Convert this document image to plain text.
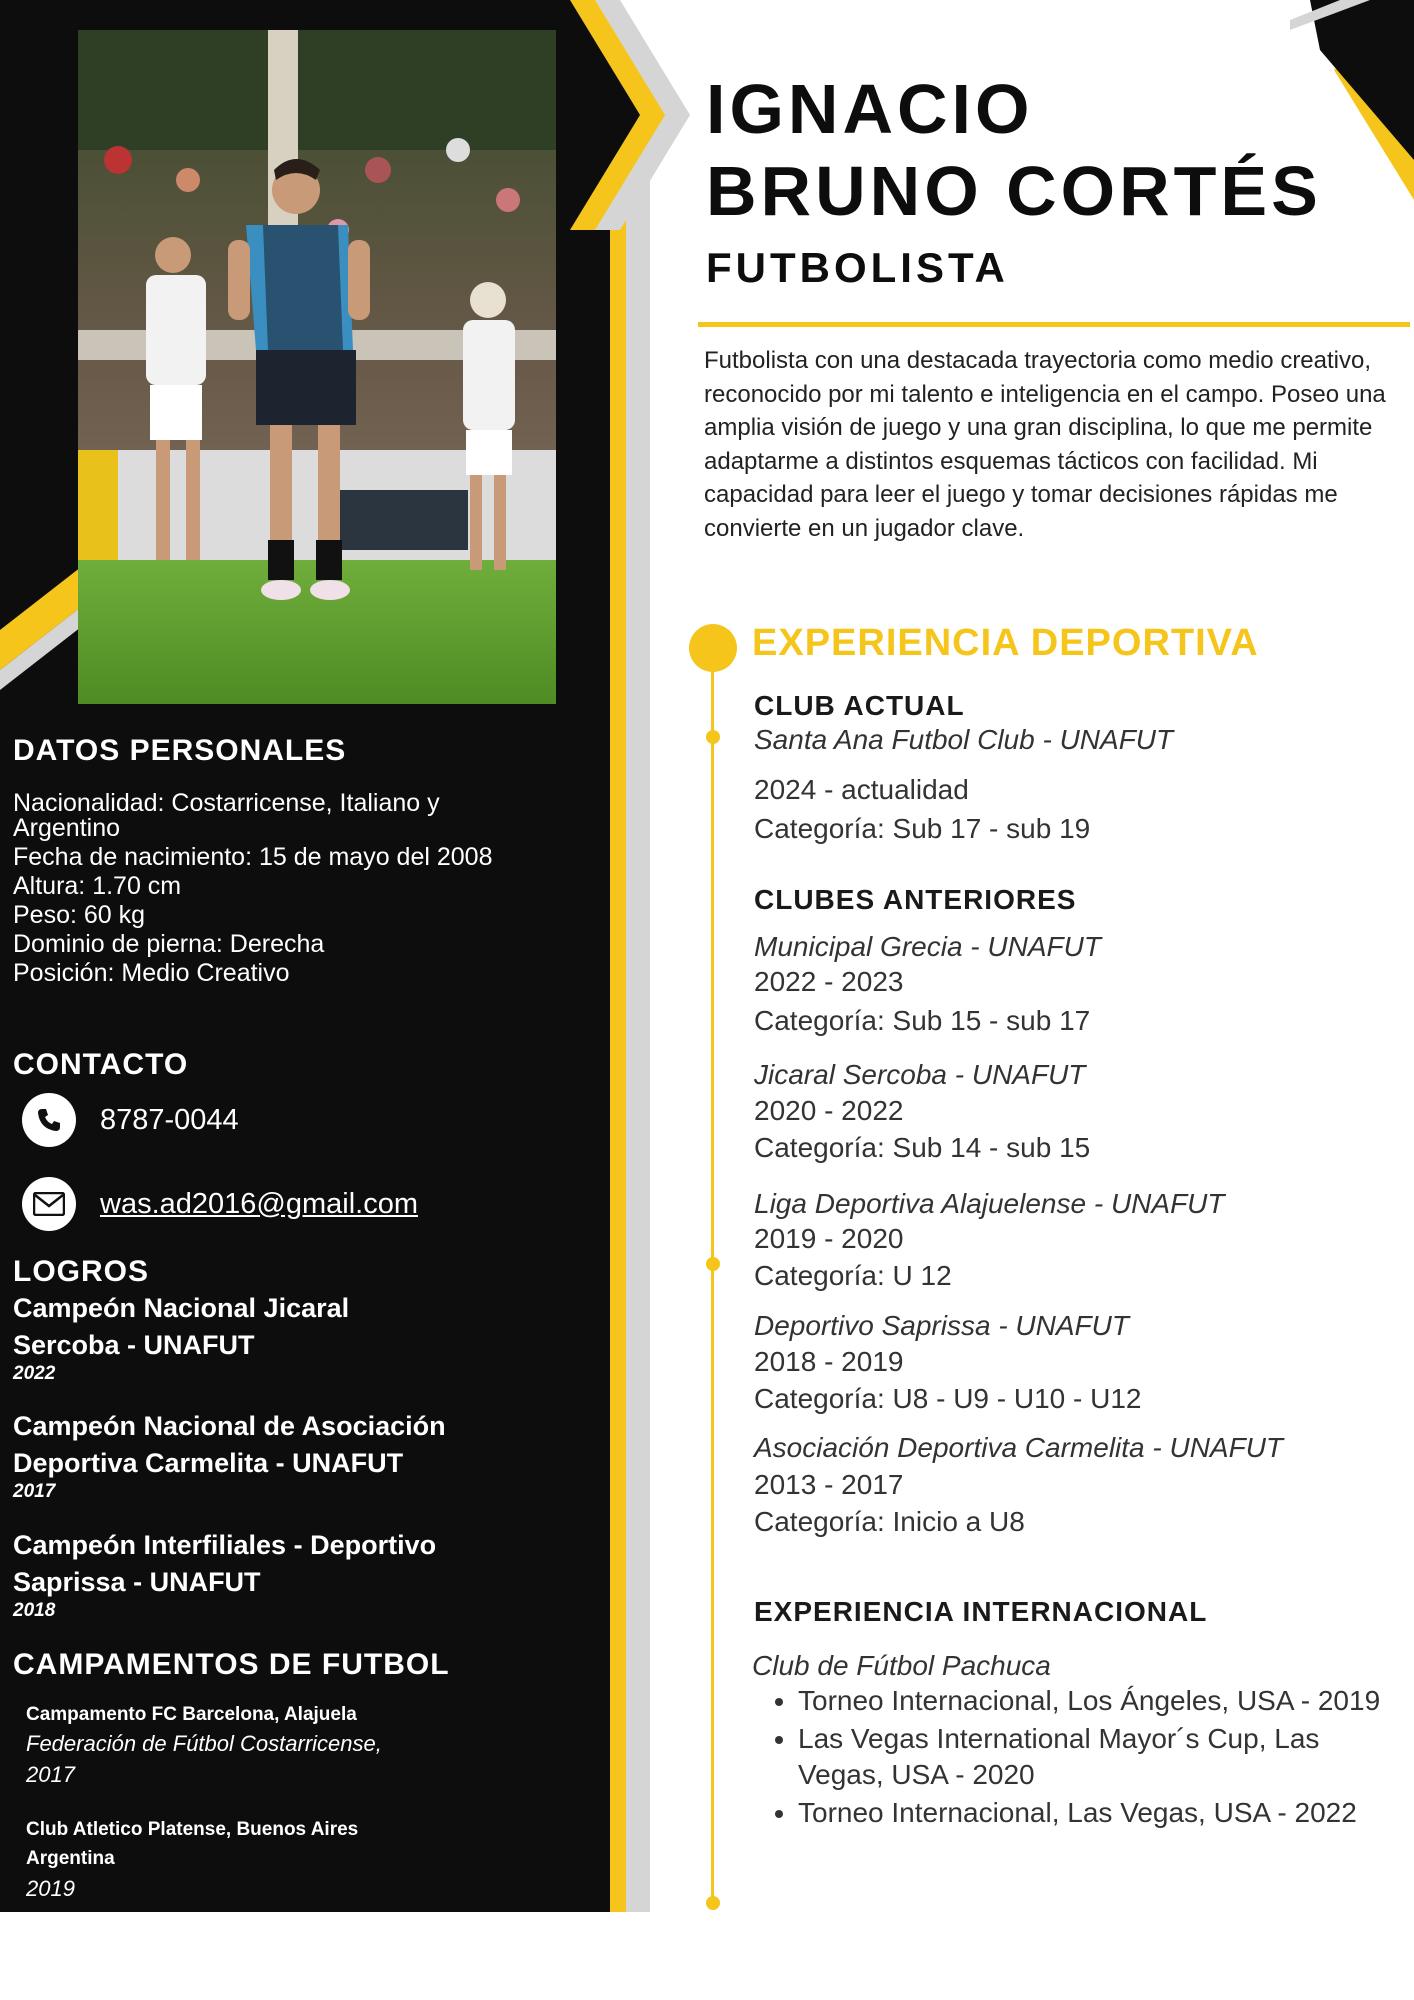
DATOS PERSONALES
Nacionalidad: Costarricense, Italiano y
Argentino
Fecha de nacimiento: 15 de mayo del 2008
Altura: 1.70 cm
Peso: 60 kg
Dominio de pierna: Derecha
Posición: Medio Creativo
CONTACTO
8787-0044
was.ad2016@gmail.com
LOGROS
Campeón Nacional Jicaral
Sercoba - UNAFUT
2022
Campeón Nacional de Asociación
Deportiva Carmelita - UNAFUT
2017
Campeón Interfiliales - Deportivo
Saprissa - UNAFUT
2018
CAMPAMENTOS DE FUTBOL
Campamento FC Barcelona, Alajuela
Federación de Fútbol Costarricense,
2017
Club Atletico Platense, Buenos Aires
Argentina
2019
IGNACIO
BRUNO CORTÉS
FUTBOLISTA

Futbolista con una destacada trayectoria como medio creativo, reconocido por mi talento e inteligencia en el campo. Poseo una amplia visión de juego y una gran disciplina, lo que me permite adaptarme a distintos esquemas tácticos con facilidad. Mi capacidad para leer el juego y tomar decisiones rápidas me convierte en un jugador clave.

EXPERIENCIA DEPORTIVA
CLUB ACTUAL
Santa Ana Futbol Club - UNAFUT
2024 - actualidad
Categoría: Sub 17 - sub 19
CLUBES ANTERIORES
Municipal Grecia - UNAFUT
2022 - 2023
Categoría: Sub 15 - sub 17
Jicaral Sercoba - UNAFUT
2020 - 2022
Categoría: Sub 14 - sub 15
Liga Deportiva Alajuelense - UNAFUT
2019 - 2020
Categoría: U 12
Deportivo Saprissa - UNAFUT
2018 - 2019
Categoría: U8 - U9 - U10 - U12
Asociación Deportiva Carmelita - UNAFUT
2013 - 2017
Categoría: Inicio a U8
EXPERIENCIA INTERNACIONAL
Club de Fútbol Pachuca
• Torneo Internacional, Los Ángeles, USA - 2019
• Las Vegas International Mayor´s Cup, Las Vegas, USA - 2020
• Torneo Internacional, Las Vegas, USA - 2022
